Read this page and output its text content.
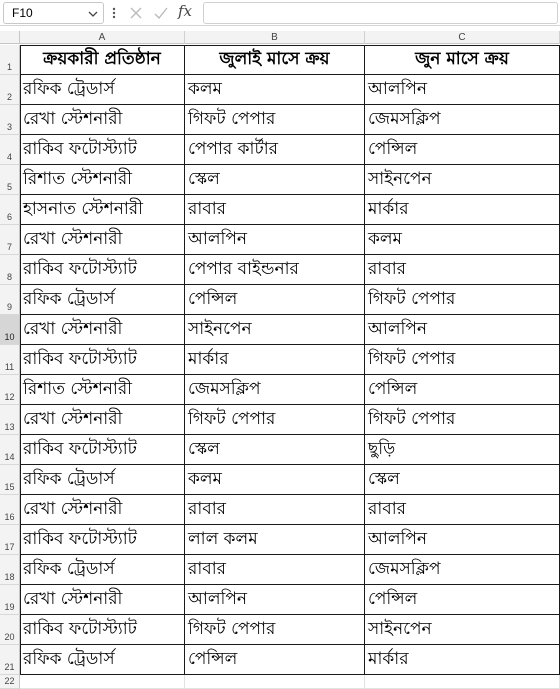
F10	fx
A	B	C
1	ক্রয়কারী প্রতিষ্ঠান	জুলাই মাসে ক্রয়	জুন মাসে ক্রয়
2 রফিক ট্রেডার্স	কলম	আলপিন
3 রেখা স্টেশনারী	গিফট পেপার	জেমসক্লিপ
4 রাকিব ফটোস্ট্যাট	পেপার কার্টার	পেন্সিল
5 রিশাত স্টেশনারী	স্কেল	সাইনপেন
6 হাসনাত স্টেশনারী	রাবার	মার্কার
7 রেখা স্টেশনারী	আলপিন	কলম
8 রাকিব ফটোস্ট্যাট	পেপার বাইন্ডনার	রাবার
9 রফিক ট্রেডার্স	পেন্সিল	গিফট পেপার
10 রেখা স্টেশনারী	সাইনপেন	আলপিন
11 রাকিব ফটোস্ট্যাট	মার্কার	গিফট পেপার
12 রিশাত স্টেশনারী	জেমসক্লিপ	পেন্সিল
13 রেখা স্টেশনারী	গিফট পেপার	গিফট পেপার
14 রাকিব ফটোস্ট্যাট	স্কেল	ছুড়ি
15 রফিক ট্রেডার্স	কলম	স্কেল
16 রেখা স্টেশনারী	রাবার	রাবার
17 রাকিব ফটোস্ট্যাট	লাল কলম	আলপিন
18 রফিক ট্রেডার্স	রাবার	জেমসক্লিপ
19 রেখা স্টেশনারী	আলপিন	পেন্সিল
20 রাকিব ফটোস্ট্যাট	গিফট পেপার	সাইনপেন
21 রফিক ট্রেডার্স	পেন্সিল	মার্কার
22
